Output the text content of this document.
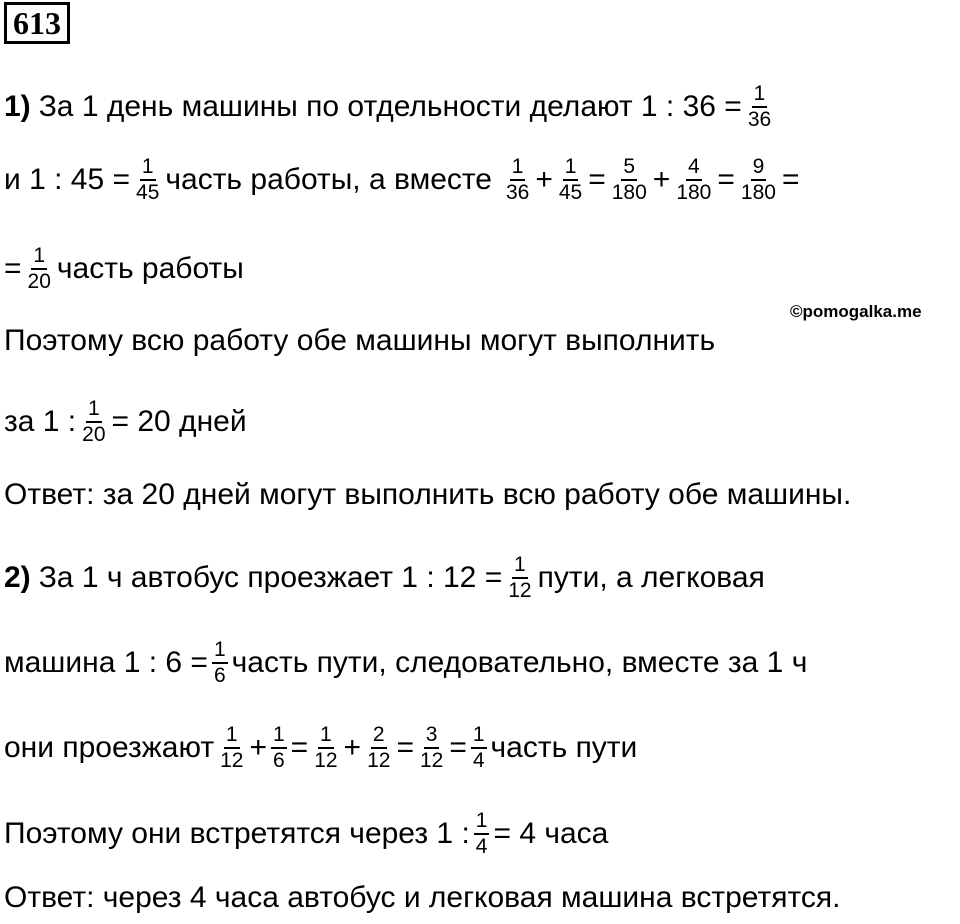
613
1) За 1 день машины по отдельности делают 1 : $36 = \frac{1}{36}$
и 1 : $45 = \frac{1}{45}$ часть работы, а вместе $\frac{1}{36} + \frac{1}{45} = \frac{5}{180} + \frac{4}{180} = \frac{9}{180}$ =
= $\frac{1}{20}$ часть работы
©pomogalka.me
Поэтому всю работу обе машины могут выполнить
за 1 : $\frac{1}{20} = 20$ дней
Ответ: за 20 дней могут выполнить всю работу обе машины.
2) За 1 ч автобус проезжает 1 : $12 = \frac{1}{12}$ пути, а легковая
машина 1 : $6 = \frac{1}{6}$ часть пути, следовательно, вместе за 1 ч
они проезжают $\frac{1}{12} + \frac{1}{6} = \frac{1}{12} + \frac{2}{12} = \frac{3}{12} = \frac{1}{4}$ часть пути
Поэтому они встретятся через 1 : $\frac{1}{4} = 4$ часа
Ответ: через 4 часа автобус и легковая машина встретятся.
